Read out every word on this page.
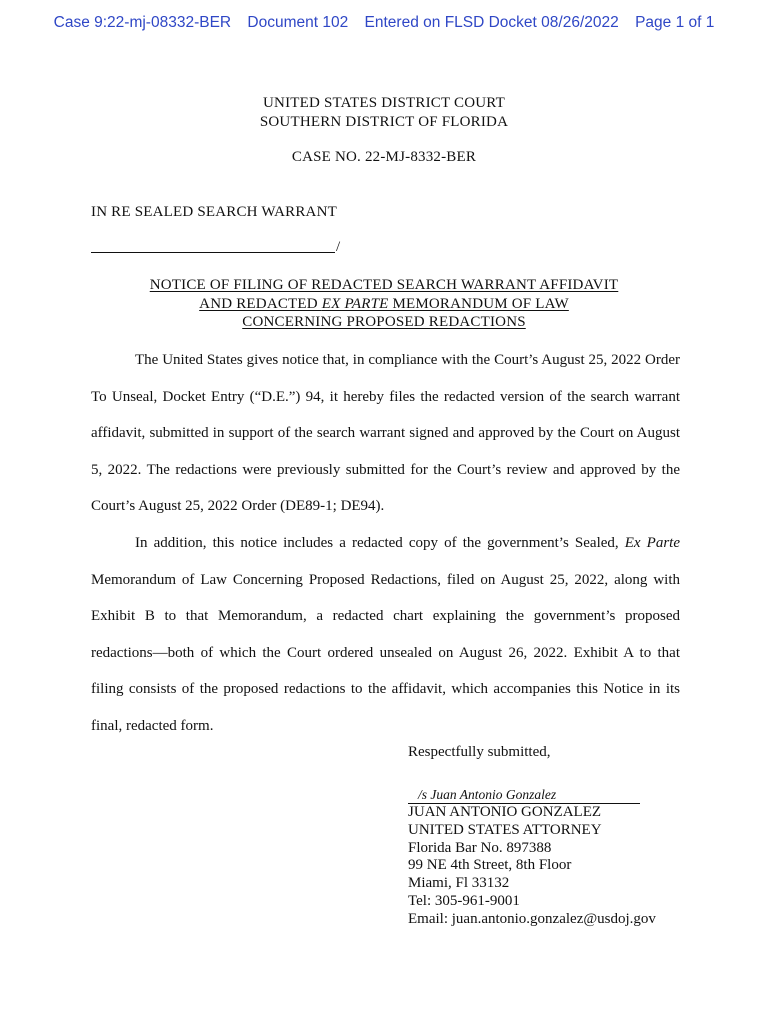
Case 9:22-mj-08332-BER Document 102 Entered on FLSD Docket 08/26/2022 Page 1 of 1
UNITED STATES DISTRICT COURT
SOUTHERN DISTRICT OF FLORIDA
CASE NO. 22-MJ-8332-BER
IN RE SEALED SEARCH WARRANT
/
NOTICE OF FILING OF REDACTED SEARCH WARRANT AFFIDAVIT
AND REDACTED EX PARTE MEMORANDUM OF LAW
CONCERNING PROPOSED REDACTIONS

The United States gives notice that, in compliance with the Court’s August 25, 2022 Order To Unseal, Docket Entry (“D.E.”) 94, it hereby files the redacted version of the search warrant affidavit, submitted in support of the search warrant signed and approved by the Court on August 5, 2022. The redactions were previously submitted for the Court’s review and approved by the Court’s August 25, 2022 Order (DE89-1; DE94).

In addition, this notice includes a redacted copy of the government’s Sealed, Ex Parte Memorandum of Law Concerning Proposed Redactions, filed on August 25, 2022, along with Exhibit B to that Memorandum, a redacted chart explaining the government’s proposed redactions—both of which the Court ordered unsealed on August 26, 2022. Exhibit A to that filing consists of the proposed redactions to the affidavit, which accompanies this Notice in its final, redacted form.

Respectfully submitted,
/s Juan Antonio Gonzalez
JUAN ANTONIO GONZALEZ
UNITED STATES ATTORNEY
Florida Bar No. 897388
99 NE 4th Street, 8th Floor
Miami, Fl 33132
Tel: 305-961-9001
Email: juan.antonio.gonzalez@usdoj.gov
